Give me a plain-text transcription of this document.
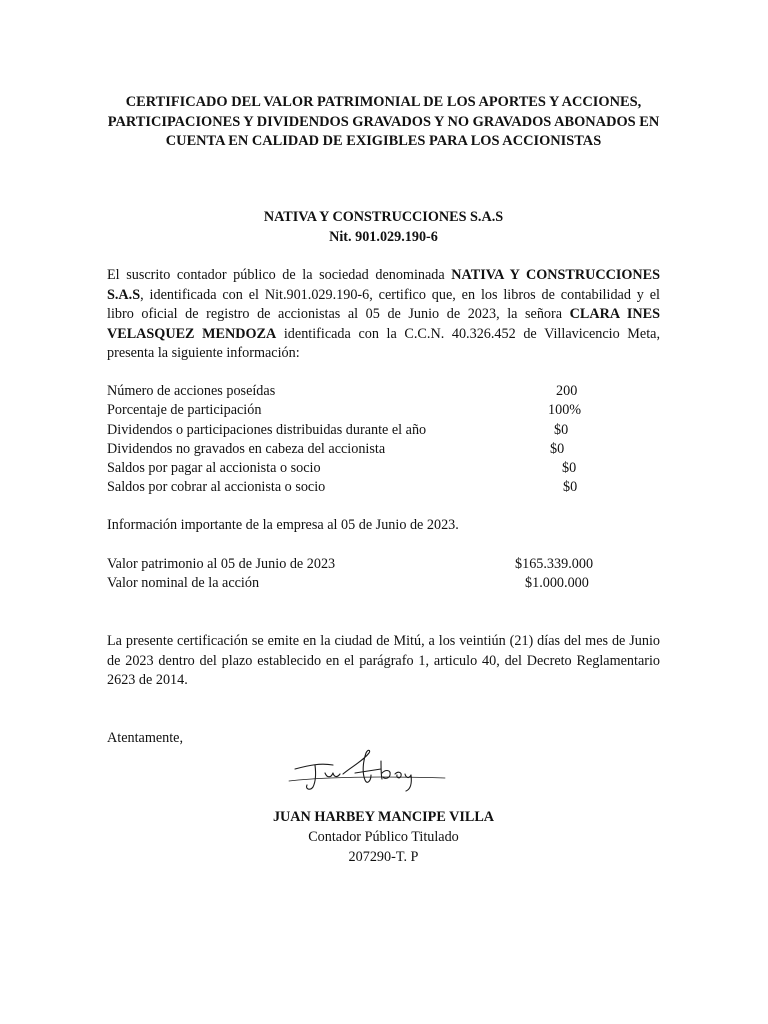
CERTIFICADO DEL VALOR PATRIMONIAL DE LOS APORTES Y ACCIONES, PARTICIPACIONES Y DIVIDENDOS GRAVADOS Y NO GRAVADOS ABONADOS EN CUENTA EN CALIDAD DE EXIGIBLES PARA LOS ACCIONISTAS
NATIVA Y CONSTRUCCIONES S.A.S
Nit. 901.029.190-6

El suscrito contador público de la sociedad denominada NATIVA Y CONSTRUCCIONES S.A.S, identificada con el Nit.901.029.190-6, certifico que, en los libros de contabilidad y el libro oficial de registro de accionistas al 05 de Junio de 2023, la señora CLARA INES VELASQUEZ MENDOZA identificada con la C.C.N. 40.326.452 de Villavicencio Meta, presenta la siguiente información:

Número de acciones poseídas	200
Porcentaje de participación	100%
Dividendos o participaciones distribuidas durante el año	$0
Dividendos no gravados en cabeza del accionista	$0
Saldos por pagar al accionista o socio	$0
Saldos por cobrar al accionista o socio	$0

Información importante de la empresa al 05 de Junio de 2023.

Valor patrimonio al 05 de Junio de 2023	$165.339.000
Valor nominal de la acción	$1.000.000

La presente certificación se emite en la ciudad de Mitú, a los veintiún (21) días del mes de Junio de 2023 dentro del plazo establecido en el parágrafo 1, articulo 40, del Decreto Reglamentario 2623 de 2014.

Atentamente,

JUAN HARBEY MANCIPE VILLA
Contador Público Titulado
207290-T. P
